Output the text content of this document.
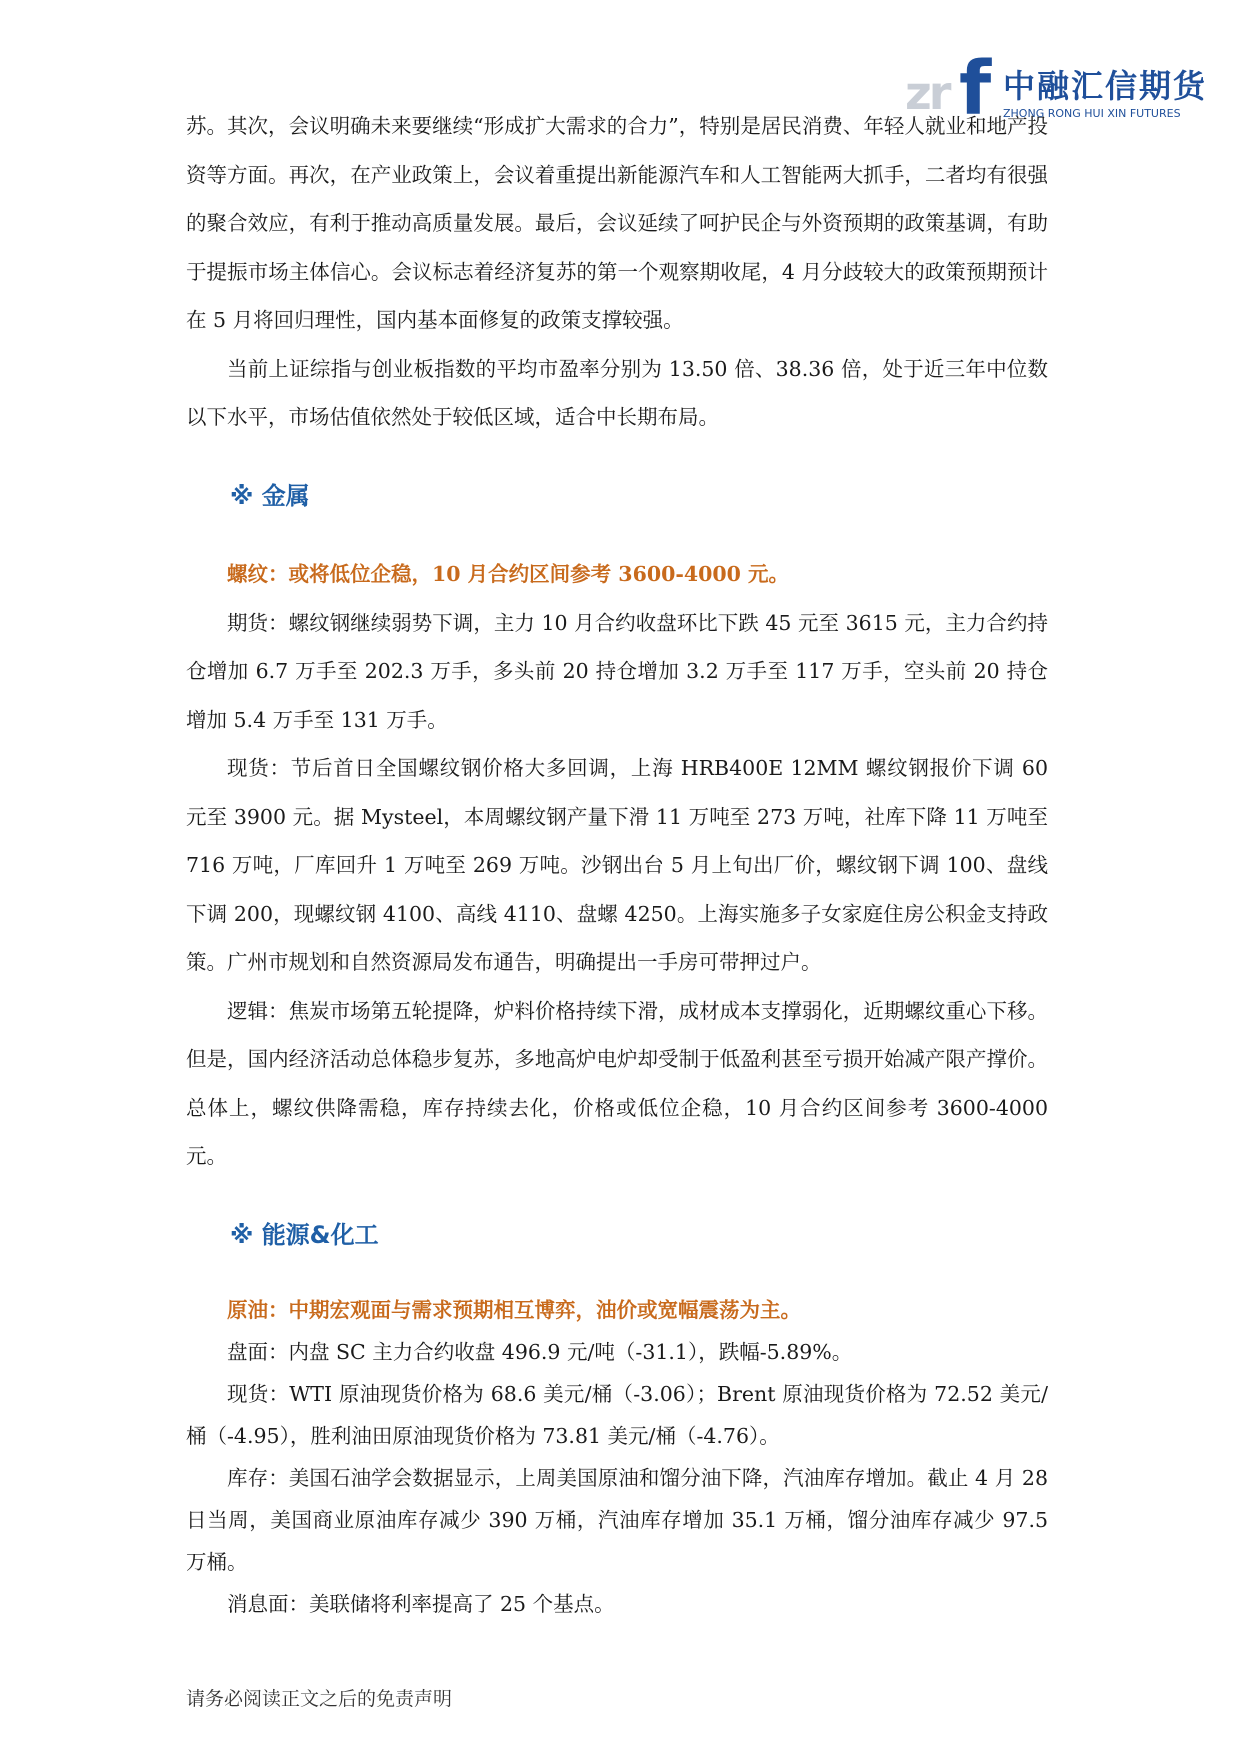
zr f 中融汇信期货
ZHONG RONG HUI XIN FUTURES

苏。其次，会议明确未来要继续“形成扩大需求的合力”，特别是居民消费、年轻人就业和地产投资等方面。再次，在产业政策上，会议着重提出新能源汽车和人工智能两大抓手，二者均有很强的聚合效应，有利于推动高质量发展。最后，会议延续了呵护民企与外资预期的政策基调，有助于提振市场主体信心。会议标志着经济复苏的第一个观察期收尾，4 月分歧较大的政策预期预计在 5 月将回归理性，国内基本面修复的政策支撑较强。

当前上证综指与创业板指数的平均市盈率分别为 13.50 倍、38.36 倍，处于近三年中位数以下水平，市场估值依然处于较低区域，适合中长期布局。

※ 金属

螺纹：或将低位企稳，10 月合约区间参考 3600-4000 元。

期货：螺纹钢继续弱势下调，主力 10 月合约收盘环比下跌 45 元至 3615 元，主力合约持仓增加 6.7 万手至 202.3 万手，多头前 20 持仓增加 3.2 万手至 117 万手，空头前 20 持仓增加 5.4 万手至 131 万手。

现货：节后首日全国螺纹钢价格大多回调，上海 HRB400E 12MM 螺纹钢报价下调 60 元至 3900 元。据 Mysteel，本周螺纹钢产量下滑 11 万吨至 273 万吨，社库下降 11 万吨至 716 万吨，厂库回升 1 万吨至 269 万吨。沙钢出台 5 月上旬出厂价，螺纹钢下调 100、盘线下调 200，现螺纹钢 4100、高线 4110、盘螺 4250。上海实施多子女家庭住房公积金支持政策。广州市规划和自然资源局发布通告，明确提出一手房可带押过户。

逻辑：焦炭市场第五轮提降，炉料价格持续下滑，成材成本支撑弱化，近期螺纹重心下移。但是，国内经济活动总体稳步复苏，多地高炉电炉却受制于低盈利甚至亏损开始减产限产撑价。总体上，螺纹供降需稳，库存持续去化，价格或低位企稳，10 月合约区间参考 3600-4000 元。

※ 能源&化工

原油：中期宏观面与需求预期相互博弈，油价或宽幅震荡为主。

盘面：内盘 SC 主力合约收盘 496.9 元/吨（-31.1），跌幅-5.89%。

现货：WTI 原油现货价格为 68.6 美元/桶（-3.06）；Brent 原油现货价格为 72.52 美元/桶（-4.95），胜利油田原油现货价格为 73.81 美元/桶（-4.76）。

库存：美国石油学会数据显示，上周美国原油和馏分油下降，汽油库存增加。截止 4 月 28 日当周，美国商业原油库存减少 390 万桶，汽油库存增加 35.1 万桶，馏分油库存减少 97.5 万桶。

消息面：美联储将利率提高了 25 个基点。

请务必阅读正文之后的免责声明
